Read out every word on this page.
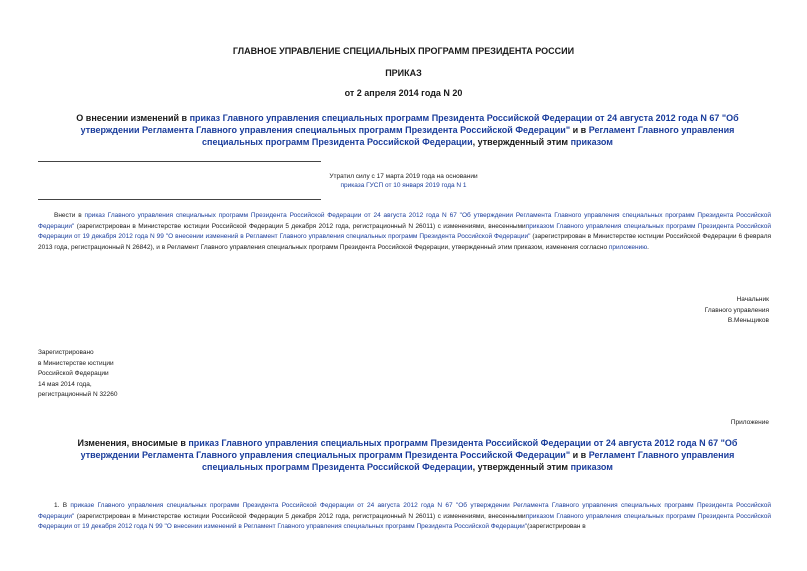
ГЛАВНОЕ УПРАВЛЕНИЕ СПЕЦИАЛЬНЫХ ПРОГРАММ ПРЕЗИДЕНТА РОССИИ
ПРИКАЗ
от 2 апреля 2014 года N 20
О внесении изменений в приказ Главного управления специальных программ Президента Российской Федерации от 24 августа 2012 года N 67 "Об утверждении Регламента Главного управления специальных программ Президента Российской Федерации" и в Регламент Главного управления специальных программ Президента Российской Федерации, утвержденный этим приказом
Утратил силу с 17 марта 2019 года на основании
приказа ГУСП от 10 января 2019 года N 1
Внести в приказ Главного управления специальных программ Президента Российской Федерации от 24 августа 2012 года N 67 "Об утверждении Регламента Главного управления специальных программ Президента Российской Федерации" (зарегистрирован в Министерстве юстиции Российской Федерации 5 декабря 2012 года, регистрационный N 26011) с изменениями, внесеннымиприказом Главного управления специальных программ Президента Российской Федерации от 19 декабря 2012 года N 99 "О внесении изменений в Регламент Главного управления специальных программ Президента Российской Федерации" (зарегистрирован в Министерстве юстиции Российской Федерации 6 февраля 2013 года, регистрационный N 26842), и в Регламент Главного управления специальных программ Президента Российской Федерации, утвержденный этим приказом, изменения согласно приложению.
Начальник
Главного управления
В.Меньщиков
Зарегистрировано
в Министерстве юстиции
Российской Федерации
14 мая 2014 года,
регистрационный N 32260
Приложение
Изменения, вносимые в приказ Главного управления специальных программ Президента Российской Федерации от 24 августа 2012 года N 67 "Об утверждении Регламента Главного управления специальных программ Президента Российской Федерации" и в Регламент Главного управления специальных программ Президента Российской Федерации, утвержденный этим приказом
1. В приказе Главного управления специальных программ Президента Российской Федерации от 24 августа 2012 года N 67 "Об утверждении Регламента Главного управления специальных программ Президента Российской Федерации" (зарегистрирован в Министерстве юстиции Российской Федерации 5 декабря 2012 года, регистрационный N 26011) с изменениями, внесеннымиприказом Главного управления специальных программ Президента Российской Федерации от 19 декабря 2012 года N 99 "О внесении изменений в Регламент Главного управления специальных программ Президента Российской Федерации"(зарегистрирован в
